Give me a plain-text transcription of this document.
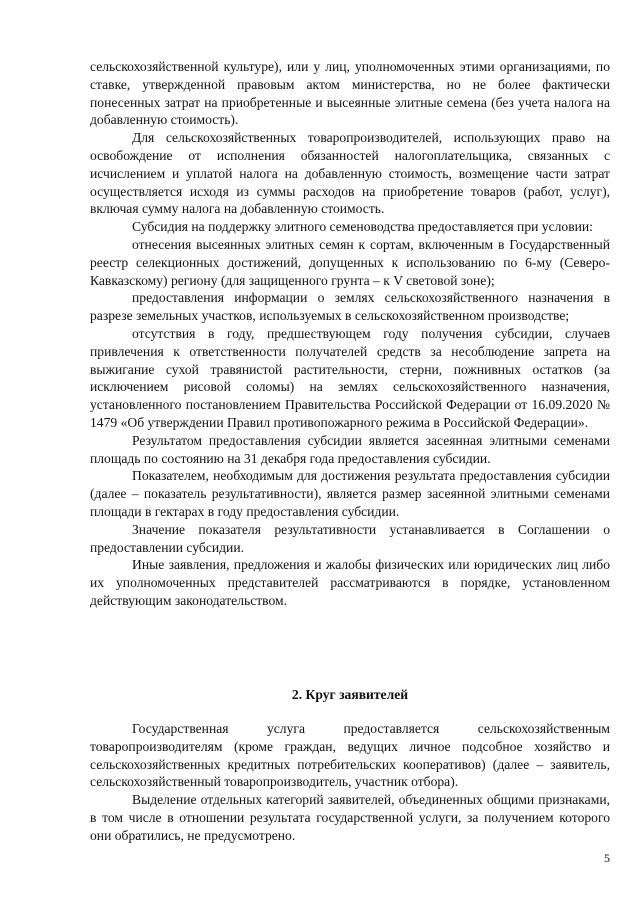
сельскохозяйственной культуре), или у лиц, уполномоченных этими организациями, по ставке, утвержденной правовым актом министерства, но не более фактически понесенных затрат на приобретенные и высеянные элитные семена (без учета налога на добавленную стоимость).

Для сельскохозяйственных товаропроизводителей, использующих право на освобождение от исполнения обязанностей налогоплательщика, связанных с исчислением и уплатой налога на добавленную стоимость, возмещение части затрат осуществляется исходя из суммы расходов на приобретение товаров (работ, услуг), включая сумму налога на добавленную стоимость.

Субсидия на поддержку элитного семеноводства предоставляется при условии:

отнесения высеянных элитных семян к сортам, включенным в Государственный реестр селекционных достижений, допущенных к использованию по 6-му (Северо-Кавказскому) региону (для защищенного грунта – к V световой зоне);

предоставления информации о землях сельскохозяйственного назначения в разрезе земельных участков, используемых в сельскохозяйственном производстве;

отсутствия в году, предшествующем году получения субсидии, случаев привлечения к ответственности получателей средств за несоблюдение запрета на выжигание сухой травянистой растительности, стерни, пожнивных остатков (за исключением рисовой соломы) на землях сельскохозяйственного назначения, установленного постановлением Правительства Российской Федерации от 16.09.2020 № 1479 «Об утверждении Правил противопожарного режима в Российской Федерации».

Результатом предоставления субсидии является засеянная элитными семенами площадь по состоянию на 31 декабря года предоставления субсидии.

Показателем, необходимым для достижения результата предоставления субсидии (далее – показатель результативности), является размер засеянной элитными семенами площади в гектарах в году предоставления субсидии.

Значение показателя результативности устанавливается в Соглашении о предоставлении субсидии.

Иные заявления, предложения и жалобы физических или юридических лиц либо их уполномоченных представителей рассматриваются в порядке, установленном действующим законодательством.

2. Круг заявителей

Государственная услуга предоставляется сельскохозяйственным товаропроизводителям (кроме граждан, ведущих личное подсобное хозяйство и сельскохозяйственных кредитных потребительских кооперативов) (далее – заявитель, сельскохозяйственный товаропроизводитель, участник отбора).

Выделение отдельных категорий заявителей, объединенных общими признаками, в том числе в отношении результата государственной услуги, за получением которого они обратились, не предусмотрено.

5
